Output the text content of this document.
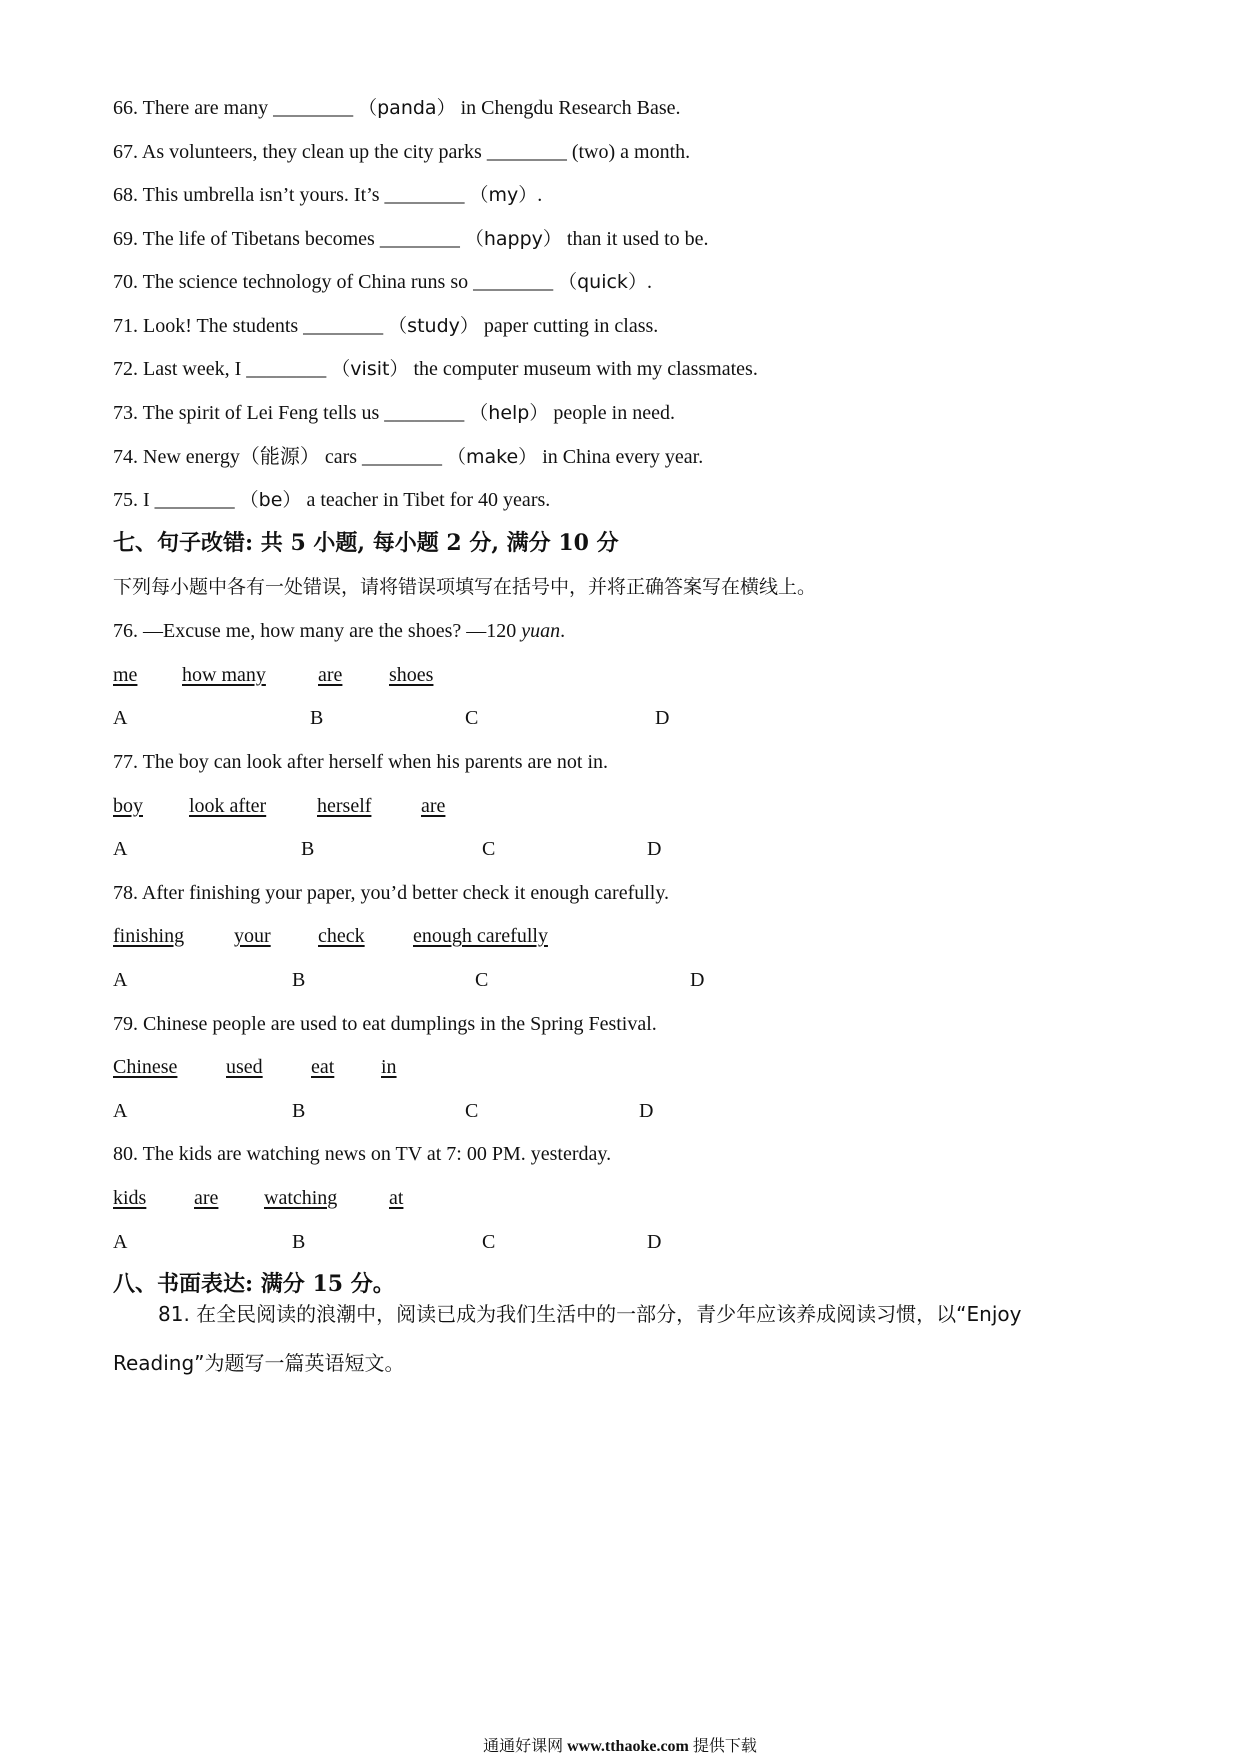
66. There are many ________ （panda） in Chengdu Research Base.
67. As volunteers, they clean up the city parks ________ (two) a month.
68. This umbrella isn’t yours. It’s ________ （my）.
69. The life of Tibetans becomes ________ （happy） than it used to be.
70. The science technology of China runs so ________ （quick）.
71. Look! The students ________ （study） paper cutting in class.
72. Last week, I ________ （visit） the computer museum with my classmates.
73. The spirit of Lei Feng tells us ________ （help） people in need.
74. New energy（能源） cars ________ （make） in China every year.
75. I ________ （be） a teacher in Tibet for 40 years.
七、句子改错: 共 5 小题, 每小题 2 分, 满分 10 分
下列每小题中各有一处错误，请将错误项填写在括号中，并将正确答案写在横线上。
76. —Excuse me, how many are the shoes? —120 yuan.
me how many	are shoes
A	B	C	D
77. The boy can look after herself when his parents are not in.
boy look after	herself are
A	B	C	D
78. After finishing your paper, you’d better check it enough carefully.
finishing your check enough carefully
A	B	C	D
79. Chinese people are used to eat dumplings in the Spring Festival.
Chinese used eat in
A	B	C	D
80. The kids are watching news on TV at 7: 00 PM. yesterday.
kids are watching	at
A	B	C	D
八、书面表达: 满分 15 分。
81. 在全民阅读的浪潮中，阅读已成为我们生活中的一部分，青少年应该养成阅读习惯，以“Enjoy
Reading”为题写一篇英语短文。
通通好课网 www.tthaoke.com 提供下载
